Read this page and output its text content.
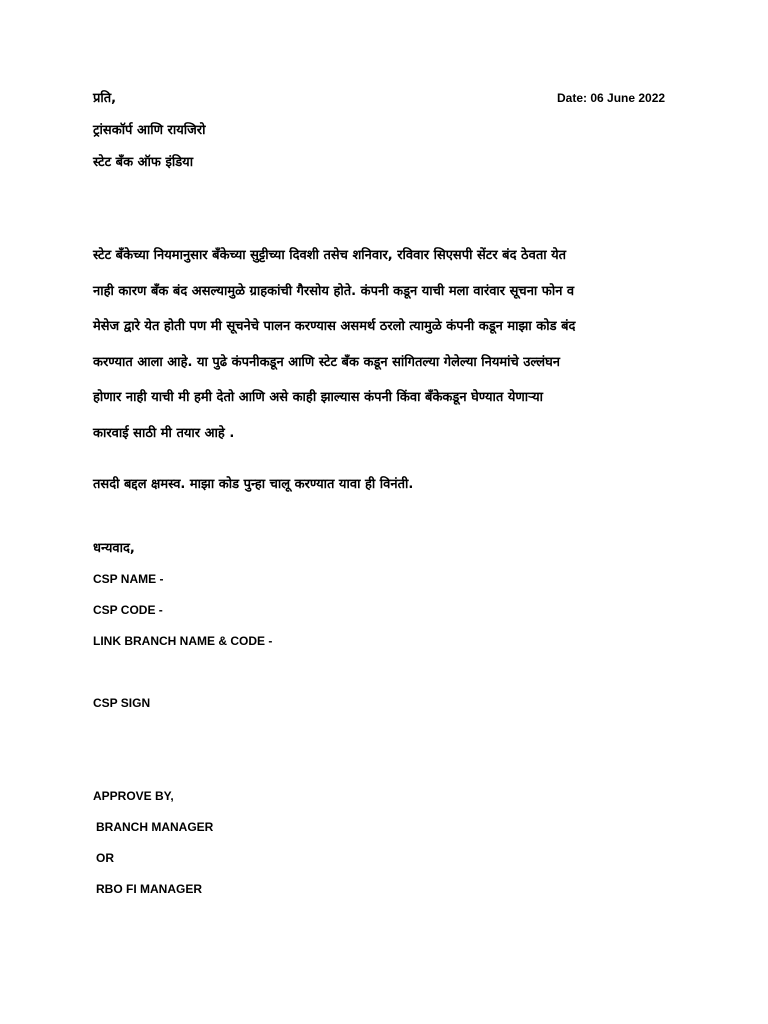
प्रति,	Date: 06 June 2022
ट्रांसकॉर्प आणि रायजिरो
स्टेट बँक ऑफ इंडिया
स्टेट बँकेच्या नियमानुसार बँकेच्या सुट्टीच्या दिवशी तसेच शनिवार, रविवार सिएसपी सेंटर बंद ठेवता येत
नाही कारण बँक बंद असल्यामुळे ग्राहकांची गैरसोय होते. कंपनी कडून याची मला वारंवार सूचना फोन व
मेसेज द्वारे येत होती पण मी सूचनेचे पालन करण्यास असमर्थ ठरलो त्यामुळे कंपनी कडून माझा कोड बंद
करण्यात आला आहे. या पुढे कंपनीकडून आणि स्टेट बँक कडून सांगितल्या गेलेल्या नियमांचे उल्लंघन
होणार नाही याची मी हमी देतो आणि असे काही झाल्यास कंपनी किंवा बँकेकडून घेण्यात येणाऱ्या
कारवाई साठी मी तयार आहे .
तसदी बद्दल क्षमस्व. माझा कोड पुन्हा चालू करण्यात यावा ही विनंती.
धन्यवाद,
CSP NAME -
CSP CODE -
LINK BRANCH NAME & CODE -
CSP SIGN
APPROVE BY,
BRANCH MANAGER
OR
RBO FI MANAGER
